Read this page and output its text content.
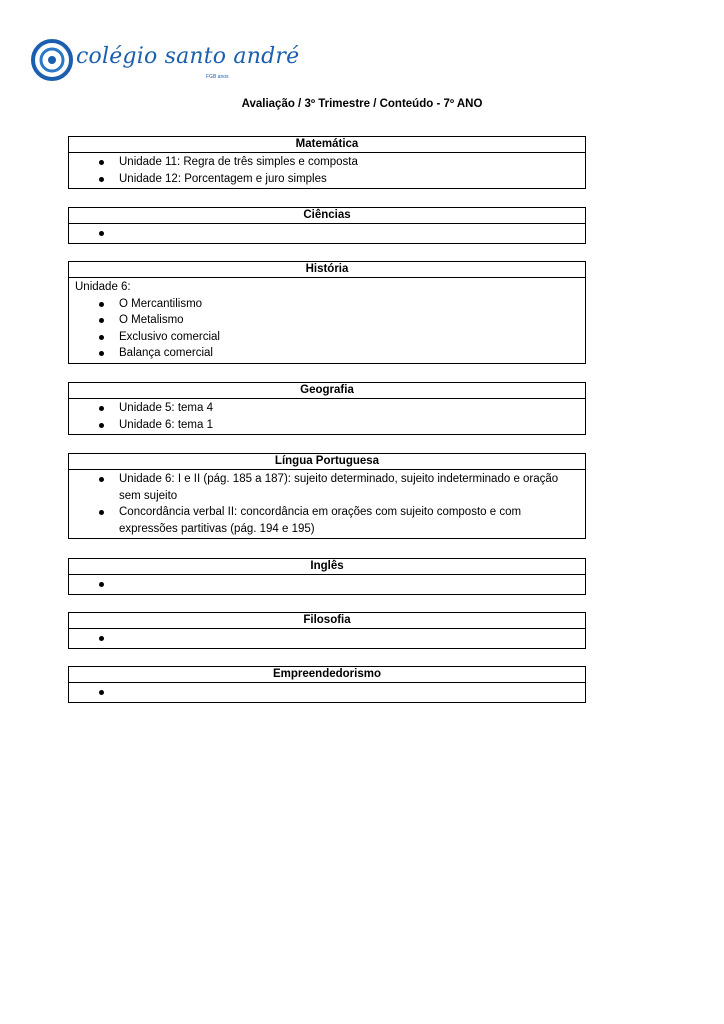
colégio santo andré
FGB anos
Avaliação / 3º Trimestre / Conteúdo - 7º ANO
Matemática
Unidade 11: Regra de três simples e composta
Unidade 12: Porcentagem e juro simples
Ciências

História
Unidade 6:
O Mercantilismo
O Metalismo
Exclusivo comercial
Balança comercial
Geografia
Unidade 5: tema 4
Unidade 6: tema 1
Língua Portuguesa
Unidade 6: I e II (pág. 185 a 187): sujeito determinado, sujeito indeterminado e oração sem sujeito
Concordância verbal II: concordância em orações com sujeito composto e com expressões partitivas (pág. 194 e 195)
Inglês

Filosofia

Empreendedorismo
